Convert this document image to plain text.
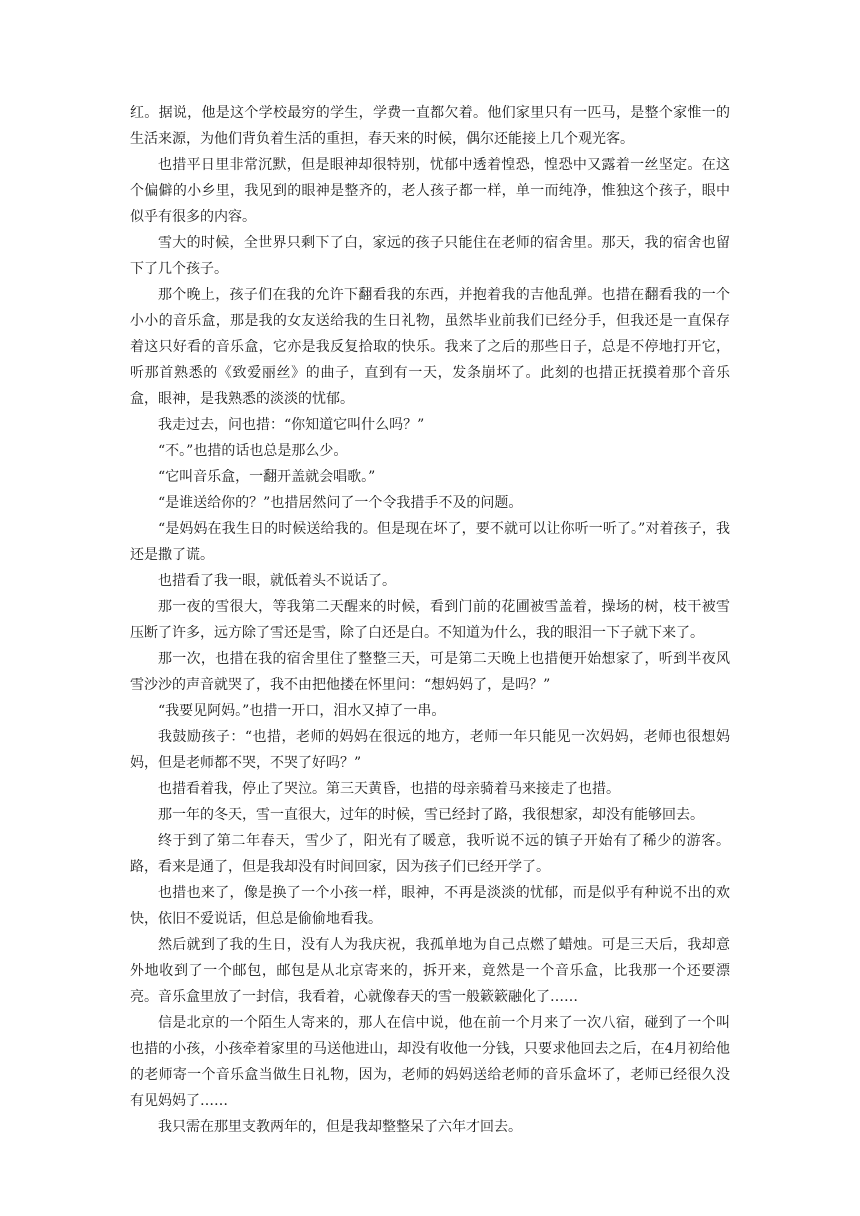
红。据说，他是这个学校最穷的学生，学费一直都欠着。他们家里只有一匹马，是整个家惟一的生活来源，为他们背负着生活的重担，春天来的时候，偶尔还能接上几个观光客。

也措平日里非常沉默，但是眼神却很特别，忧郁中透着惶恐，惶恐中又露着一丝坚定。在这个偏僻的小乡里，我见到的眼神是整齐的，老人孩子都一样，单一而纯净，惟独这个孩子，眼中似乎有很多的内容。

雪大的时候，全世界只剩下了白，家远的孩子只能住在老师的宿舍里。那天，我的宿舍也留下了几个孩子。

那个晚上，孩子们在我的允许下翻看我的东西，并抱着我的吉他乱弹。也措在翻看我的一个小小的音乐盒，那是我的女友送给我的生日礼物，虽然毕业前我们已经分手，但我还是一直保存着这只好看的音乐盒，它亦是我反复拾取的快乐。我来了之后的那些日子，总是不停地打开它，听那首熟悉的《致爱丽丝》的曲子，直到有一天，发条崩坏了。此刻的也措正抚摸着那个音乐盒，眼神，是我熟悉的淡淡的忧郁。

我走过去，问也措：“你知道它叫什么吗？”

“不。”也措的话也总是那么少。

“它叫音乐盒，一翻开盖就会唱歌。”

“是谁送给你的？”也措居然问了一个令我措手不及的问题。

“是妈妈在我生日的时候送给我的。但是现在坏了，要不就可以让你听一听了。”对着孩子，我还是撒了谎。

也措看了我一眼，就低着头不说话了。

那一夜的雪很大，等我第二天醒来的时候，看到门前的花圃被雪盖着，操场的树，枝干被雪压断了许多，远方除了雪还是雪，除了白还是白。不知道为什么，我的眼泪一下子就下来了。

那一次，也措在我的宿舍里住了整整三天，可是第二天晚上也措便开始想家了，听到半夜风雪沙沙的声音就哭了，我不由把他搂在怀里问：“想妈妈了，是吗？”

“我要见阿妈。”也措一开口，泪水又掉了一串。

我鼓励孩子：“也措，老师的妈妈在很远的地方，老师一年只能见一次妈妈，老师也很想妈妈，但是老师都不哭，不哭了好吗？”

也措看着我，停止了哭泣。第三天黄昏，也措的母亲骑着马来接走了也措。

那一年的冬天，雪一直很大，过年的时候，雪已经封了路，我很想家，却没有能够回去。

终于到了第二年春天，雪少了，阳光有了暖意，我听说不远的镇子开始有了稀少的游客。路，看来是通了，但是我却没有时间回家，因为孩子们已经开学了。

也措也来了，像是换了一个小孩一样，眼神，不再是淡淡的忧郁，而是似乎有种说不出的欢快，依旧不爱说话，但总是偷偷地看我。

然后就到了我的生日，没有人为我庆祝，我孤单地为自己点燃了蜡烛。可是三天后，我却意外地收到了一个邮包，邮包是从北京寄来的，拆开来，竟然是一个音乐盒，比我那一个还要漂亮。音乐盒里放了一封信，我看着，心就像春天的雪一般簌簌融化了……

信是北京的一个陌生人寄来的，那人在信中说，他在前一个月来了一次八宿，碰到了一个叫也措的小孩，小孩牵着家里的马送他进山，却没有收他一分钱，只要求他回去之后，在4月初给他的老师寄一个音乐盒当做生日礼物，因为，老师的妈妈送给老师的音乐盒坏了，老师已经很久没有见妈妈了……

我只需在那里支教两年的，但是我却整整呆了六年才回去。
